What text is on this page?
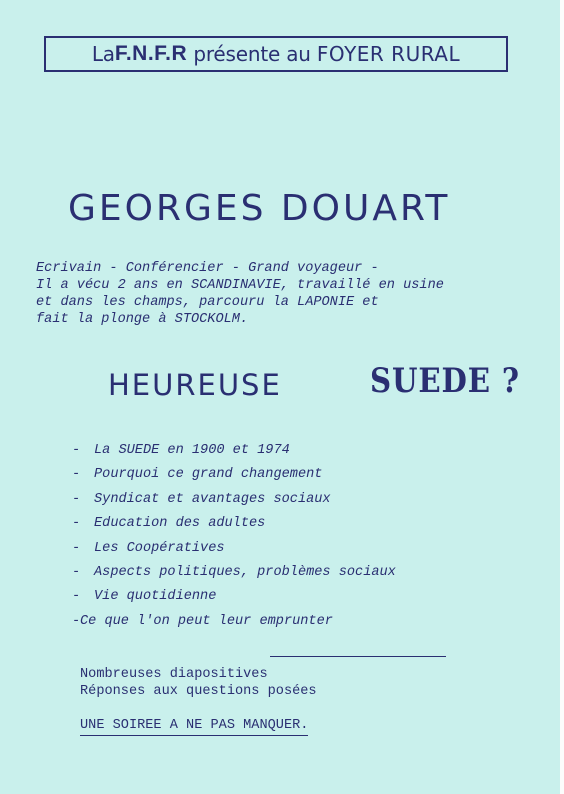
La F.N.F.R présente au FOYER RURAL
GEORGES DOUART
Ecrivain - Conférencier - Grand voyageur -
Il a vécu 2 ans en SCANDINAVIE, travaillé en usine
et dans les champs, parcouru la LAPONIE et
fait la plonge à STOCKOLM.
HEUREUSE	SUEDE ?
- La SUEDE en 1900 et 1974
- Pourquoi ce grand changement
- Syndicat et avantages sociaux
- Education des adultes
- Les Coopératives
- Aspects politiques, problèmes sociaux
- Vie quotidienne
-Ce que l'on peut leur emprunter
Nombreuses diapositives
Réponses aux questions posées
UNE SOIREE A NE PAS MANQUER.
